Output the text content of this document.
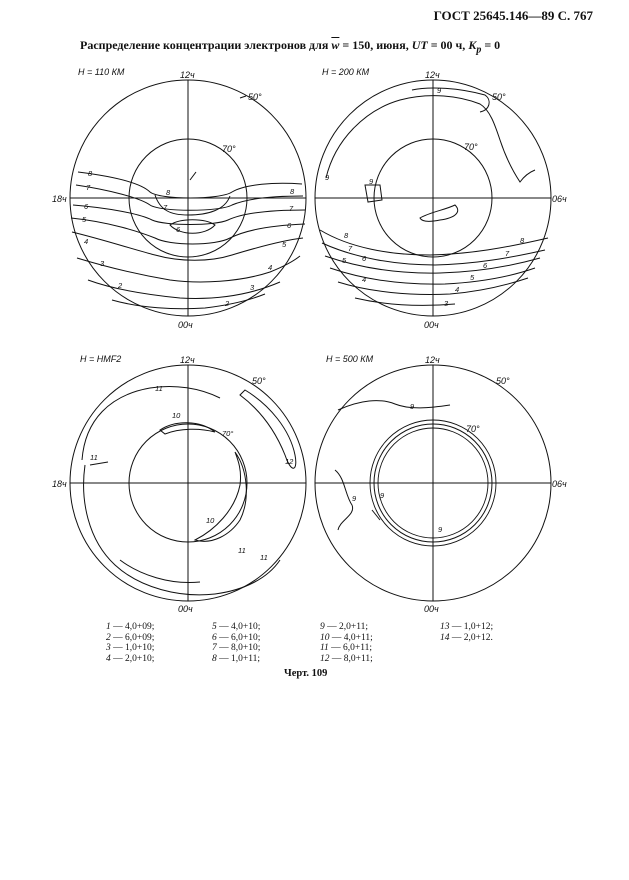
ГОСТ 25645.146—89 С. 767
Распределение концентрации электронов для $\overline{w} = 150$, июня, UT = 00 ч, $K_p = 0$
H = 110 КМ	12ч
00ч
18ч
50°
70°
H = 200 КМ	12ч
00ч
06ч
50°
70°
H = HMF2	12ч
00ч
18ч
50°
H = 500 КМ	12ч
00ч
06ч
50°
70°
8
7
6
5
4
3
2
2
3
4
5
6
7
8
8
7
6
9
9	9
8
7
6
5
4
3
8
7
6
5
4
11
10
10
11
11
11
12
70°
9
9
9
9
1 — 4,0+09;
2 — 6,0+09;
3 — 1,0+10;
4 — 2,0+10;
5 — 4,0+10;
6 — 6,0+10;
7 — 8,0+10;
8 — 1,0+11;
9 — 2,0+11;
10 — 4,0+11;
11 — 6,0+11;
12 — 8,0+11;
13 — 1,0+12;
14 — 2,0+12.
Черт. 109
